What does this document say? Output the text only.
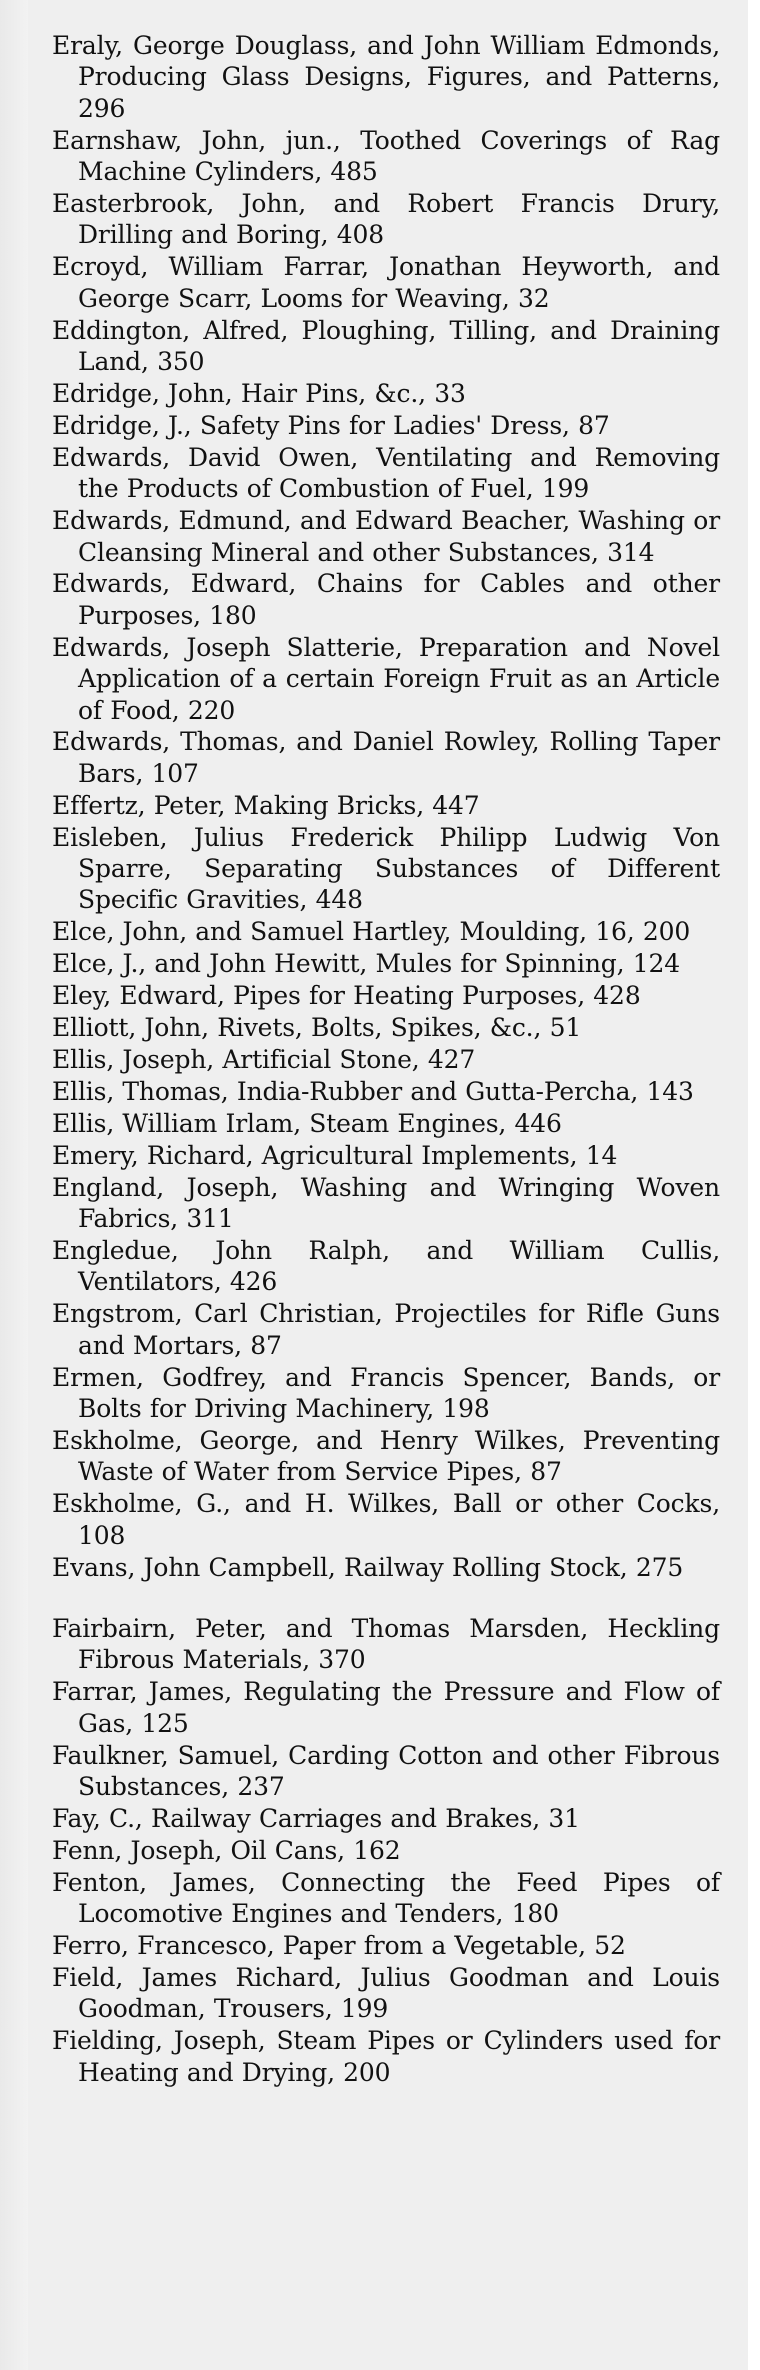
Eraly, George Douglass, and John William Edmonds, Producing Glass Designs, Figures, and Patterns, 296

Earnshaw, John, jun., Toothed Coverings of Rag Machine Cylinders, 485

Easterbrook, John, and Robert Francis Drury, Drilling and Boring, 408

Ecroyd, William Farrar, Jonathan Heyworth, and George Scarr, Looms for Weaving, 32

Eddington, Alfred, Ploughing, Tilling, and Draining Land, 350

Edridge, John, Hair Pins, &c., 33

Edridge, J., Safety Pins for Ladies' Dress, 87

Edwards, David Owen, Ventilating and Removing the Products of Combustion of Fuel, 199

Edwards, Edmund, and Edward Beacher, Washing or Cleansing Mineral and other Substances, 314

Edwards, Edward, Chains for Cables and other Purposes, 180

Edwards, Joseph Slatterie, Preparation and Novel Application of a certain Foreign Fruit as an Article of Food, 220

Edwards, Thomas, and Daniel Rowley, Rolling Taper Bars, 107

Effertz, Peter, Making Bricks, 447

Eisleben, Julius Frederick Philipp Ludwig Von Sparre, Separating Substances of Different Specific Gravities, 448

Elce, John, and Samuel Hartley, Moulding, 16, 200

Elce, J., and John Hewitt, Mules for Spinning, 124

Eley, Edward, Pipes for Heating Purposes, 428

Elliott, John, Rivets, Bolts, Spikes, &c., 51

Ellis, Joseph, Artificial Stone, 427

Ellis, Thomas, India-Rubber and Gutta-Percha, 143

Ellis, William Irlam, Steam Engines, 446

Emery, Richard, Agricultural Implements, 14

England, Joseph, Washing and Wringing Woven Fabrics, 311

Engledue, John Ralph, and William Cullis, Ventilators, 426

Engstrom, Carl Christian, Projectiles for Rifle Guns and Mortars, 87

Ermen, Godfrey, and Francis Spencer, Bands, or Bolts for Driving Machinery, 198

Eskholme, George, and Henry Wilkes, Preventing Waste of Water from Service Pipes, 87

Eskholme, G., and H. Wilkes, Ball or other Cocks, 108

Evans, John Campbell, Railway Rolling Stock, 275

Fairbairn, Peter, and Thomas Marsden, Heckling Fibrous Materials, 370

Farrar, James, Regulating the Pressure and Flow of Gas, 125

Faulkner, Samuel, Carding Cotton and other Fibrous Substances, 237

Fay, C., Railway Carriages and Brakes, 31

Fenn, Joseph, Oil Cans, 162

Fenton, James, Connecting the Feed Pipes of Locomotive Engines and Tenders, 180

Ferro, Francesco, Paper from a Vegetable, 52

Field, James Richard, Julius Goodman and Louis Goodman, Trousers, 199

Fielding, Joseph, Steam Pipes or Cylinders used for Heating and Drying, 200
